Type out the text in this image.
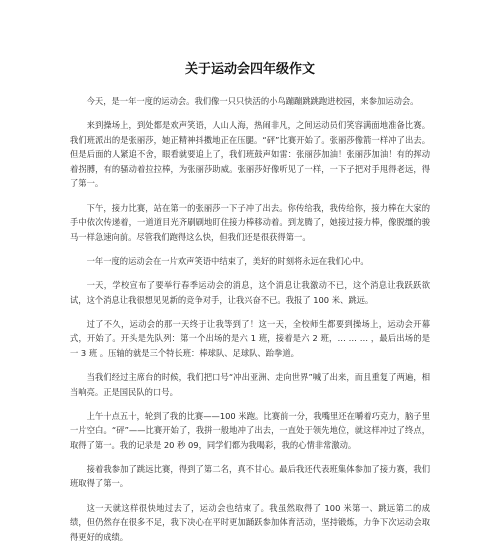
关于运动会四年级作文
今天，是一年一度的运动会。我们像一只只快活的小鸟蹦蹦跳跳跑进校园，来参加运动会。
来到操场上，到处都是欢声笑语，人山人海，热闹非凡，之间运动员们笑容满面地准备比赛。我们班派出的是张丽莎，她正精神抖擞地正在压腿。“砰”比赛开始了。张丽莎像箭一样冲了出去。但是后面的人紧追不舍，眼看就要追上了，我们班鼓声如雷：张丽莎加油！张丽莎加油！有的挥动着拐膊，有的骚动着拉拉棒，为张丽莎助威。张丽莎好像听见了一样，一下子把对手甩得老远，得了第一。
下午，接力比赛，站在第一的张丽莎一下子冲了出去。你传给我，我传给你，接力棒在大家的手中依次传递着，一道道目光齐刷刷地盯住接力棒移动着。到龙腾了，她接过接力棒，像脱缰的骏马一样急速向前。尽管我们跑得这么快，但我们还是很获得第一。
一年一度的运动会在一片欢声笑语中结束了，美好的时刻将永远在我们心中。
一天，学校宣布了要举行春季运动会的消息，这个消息让我激动不已，这个消息让我跃跃欲试，这个消息让我很想见见新的竞争对手，让我兴奋不已。我报了 100 米、跳远。
过了不久，运动会的那一天终于让我等到了！这一天，全校师生都要到操场上，运动会开幕式，开始了。开头是先队列：第一个出场的是六 1 班，接着是六 2 班，… … … ，最后出场的是一 3 班 。压轴的就是三个特长班：棒球队、足球队、跆拳道。
当我们经过主席台的时候，我们把口号“冲出亚洲、走向世界”喊了出来，而且重复了两遍，相当响亮。正是国民队的口号。
上午十点五十，轮到了我的比赛——100 米跑。比赛前一分，我嘴里还在嚼着巧克力，脑子里一片空白。“砰”——比赛开始了，我拼一般地冲了出去，一直处于领先地位，就这样冲过了终点，取得了第一。我的记录是 20 秒 09，同学们都为我喝彩，我的心情非常激动。
接着我参加了跳远比赛，得到了第二名，真不甘心。最后我还代表班集体参加了接力赛，我们班取得了第一。
这一天就这样很快地过去了，运动会也结束了。我虽然取得了 100 米第一、跳远第二的成绩，但仍然存在很多不足，我下决心在平时更加踊跃参加体育活动，坚持锻炼，力争下次运动会取得更好的成绩。
